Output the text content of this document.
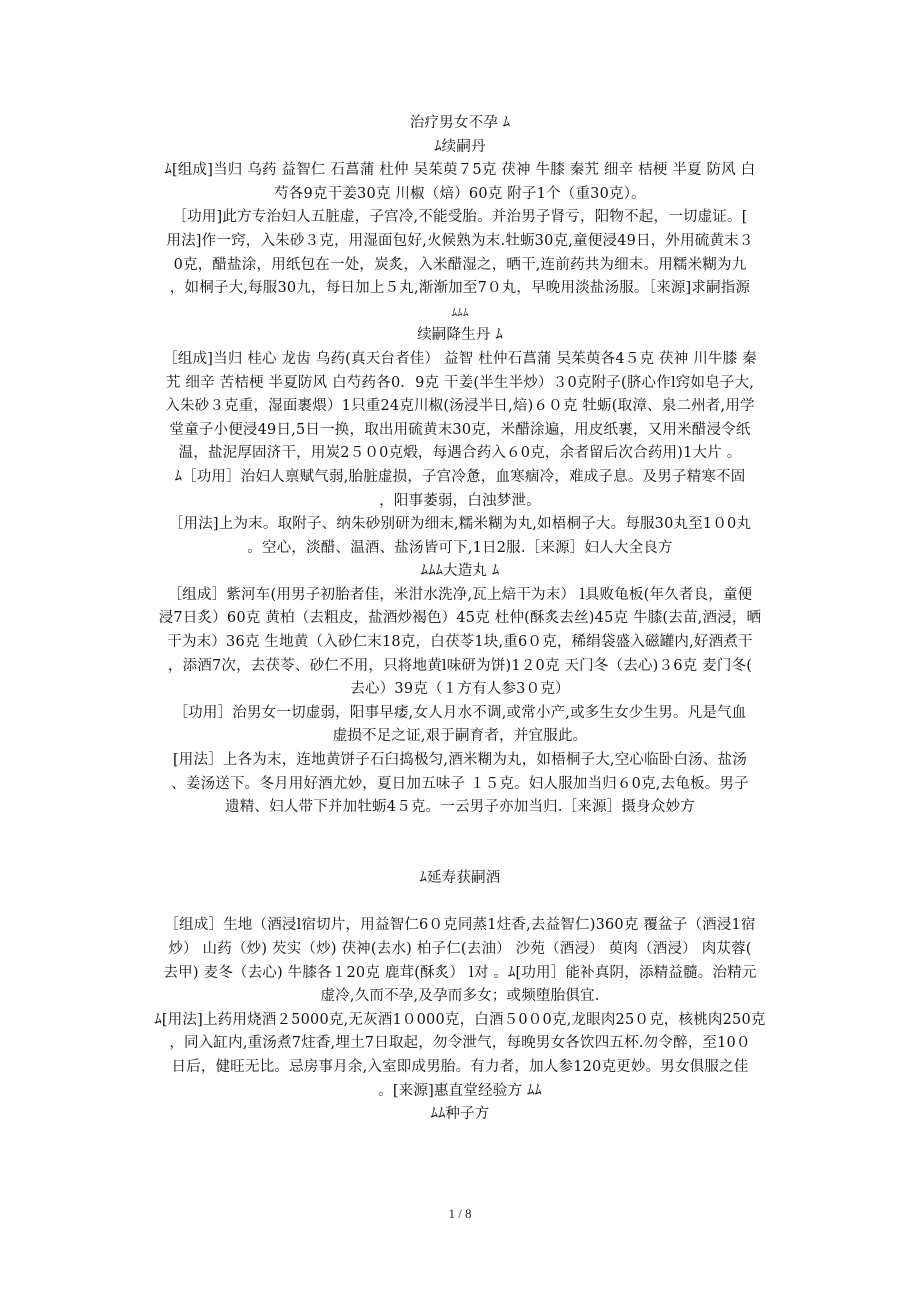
治疗男女不孕 ﾑ
ﾑ续嗣丹
ﾑ[组成]当归 乌药 益智仁 石菖蒲 杜仲 吴茱萸７5克 茯神 牛膝 秦艽 细辛 桔梗 半夏 防风 白
芍各9克干姜30克 川椒（焙）60克 附子1个（重30克）。
［功用]此方专治妇人五脏虚，子宫冷,不能受胎。并治男子肾亏，阳物不起，一切虚证。[
用法]作一窍，入朱砂３克，用湿面包好,火候熟为末.牡蛎30克,童便浸49日，外用硫黄末３
0克，醋盐涂，用纸包在一处，炭炙，入米醋湿之，晒干,连前药共为细末。用糯米糊为九
，如桐子大,每服30九，每日加上５丸,渐渐加至7０丸，早晚用淡盐汤服。［来源]求嗣指源
ﾑﾑﾑ
续嗣降生丹 ﾑ
［组成]当归 桂心 龙齿 乌药(真天台者佳） 益智 杜仲石菖蒲 吴茱萸各4５克 茯神 川牛膝 秦
艽 细辛 苦桔梗 半夏防风 白芍药各0．9克 干姜(半生半炒）３0克附子(脐心作l窍如皂子大,
入朱砂３克重，湿面裹煨）1只重24克川椒(汤浸半日,焙)６０克 牡蛎(取漳、泉二州者,用学
堂童子小便浸49日,5日一换，取出用硫黄末30克，米醋涂遍，用皮纸裹，又用米醋浸令纸
温，盐泥厚固济干，用炭2５０0克煅，每遇合药入６0克，余者留后次合药用)1大片 。
ﾑ［功用］治妇人禀赋气弱,胎脏虚损，子宫冷惫，血寒痼冷，难成子息。及男子精寒不固
，阳事萎弱，白浊梦泄。
［用法]上为末。取附子、纳朱砂别研为细末,糯米糊为丸,如梧桐子大。每服30丸至1０0丸
。空心，淡醋、温酒、盐汤皆可下,1日2服.［来源］妇人大全良方
ﾑﾑﾑ大造丸 ﾑ
［组成］紫河车(用男子初胎者佳，米泔水洗净,瓦上焙干为末） l具败龟板(年久者良，童便
浸7日炙）60克 黄柏（去粗皮，盐酒炒褐色）45克 杜仲(酥炙去丝)45克 牛膝(去苗,酒浸，晒
干为末）36克 生地黄（入砂仁末18克，白茯苓1块,重6０克，稀绢袋盛入磁罐内,好酒煮干
，添酒7次，去茯苓、砂仁不用，只将地黄l味研为饼)1２0克 天门冬（去心)３6克 麦门冬(
去心）39克（１方有人参3０克）
［功用］治男女一切虚弱，阳事早痿,女人月水不调,或常小产,或多生女少生男。凡是气血
虚损不足之证,艰于嗣育者，并宜服此。
[用法］上各为末，连地黄饼子石臼捣极匀,酒米糊为丸，如梧桐子大,空心临卧白汤、盐汤
、姜汤送下。冬月用好酒尤妙，夏日加五味子 １５克。妇人服加当归６0克,去龟板。男子
遗精、妇人带下并加牡蛎4５克。一云男子亦加当归.［来源］摄身众妙方
ﾑ延寿获嗣酒
［组成］生地（酒浸l宿切片，用益智仁6０克同蒸1炷香,去益智仁)360克 覆盆子（酒浸1宿
炒） 山药（炒) 芡实（炒) 茯神(去水) 柏子仁(去油） 沙苑（酒浸） 萸肉（酒浸） 肉苁蓉(
去甲) 麦冬（去心) 牛膝各１20克 鹿茸(酥炙） l对 。ﾑ[功用］能补真阴，添精益髓。治精元
虚冷,久而不孕,及孕而多女；或频堕胎俱宜.
ﾑ[用法]上药用烧酒２5000克,无灰酒1０000克，白酒５0０0克,龙眼肉25０克，核桃肉250克
，同入缸内,重汤煮7炷香,埋土7日取起，勿令泄气，每晚男女各饮四五杯.勿令醉，至10０
日后，健旺无比。忌房事月余,入室即成男胎。有力者，加人参120克更妙。男女俱服之佳
。[来源]惠直堂经验方 ﾑﾑ
ﾑﾑ种子方
1 / 8
